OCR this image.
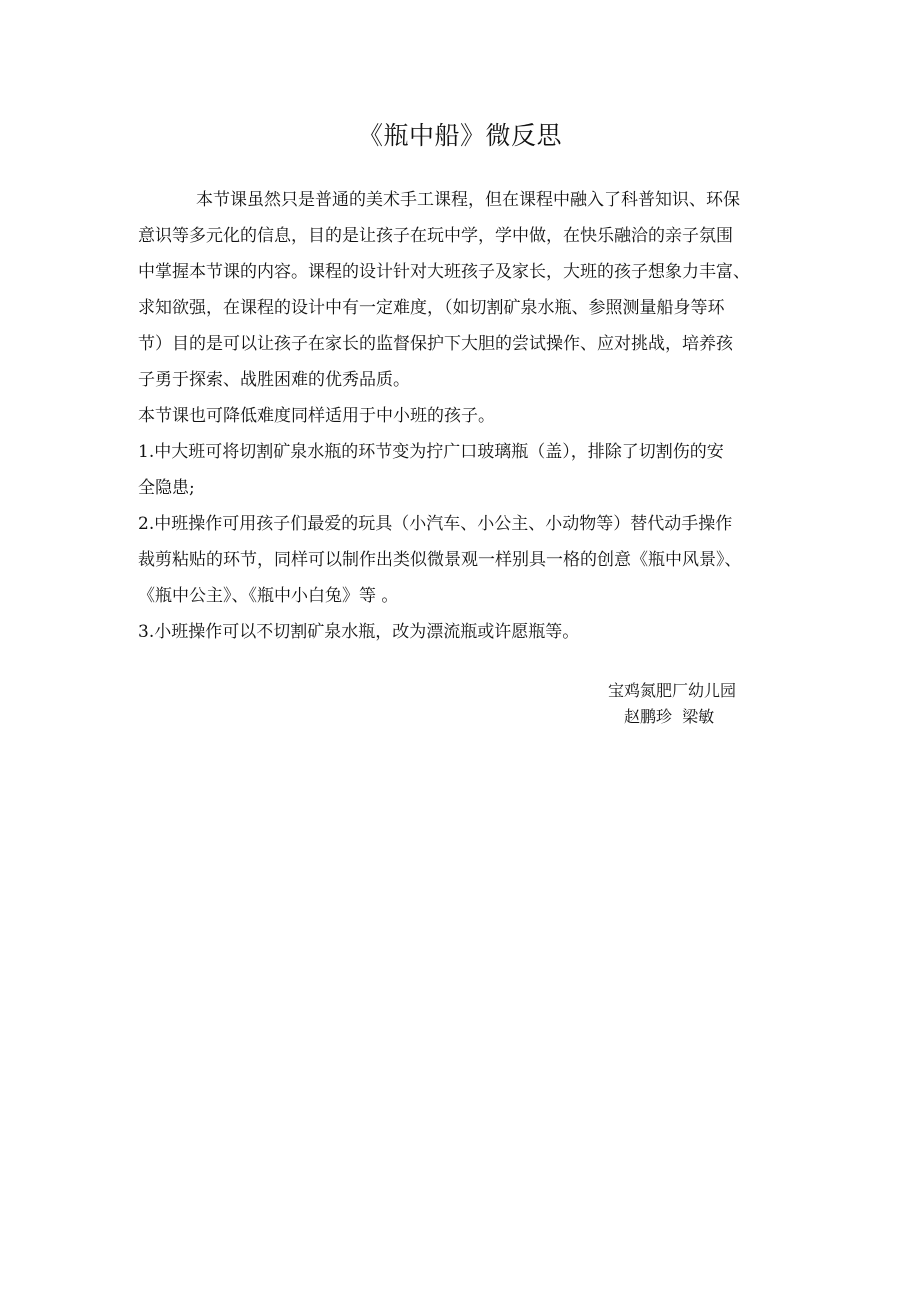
《瓶中船》微反思
本节课虽然只是普通的美术手工课程，但在课程中融入了科普知识、环保
意识等多元化的信息，目的是让孩子在玩中学，学中做，在快乐融洽的亲子氛围
中掌握本节课的内容。课程的设计针对大班孩子及家长，大班的孩子想象力丰富、
求知欲强，在课程的设计中有一定难度，（如切割矿泉水瓶、参照测量船身等环
节）目的是可以让孩子在家长的监督保护下大胆的尝试操作、应对挑战，培养孩
子勇于探索、战胜困难的优秀品质。
本节课也可降低难度同样适用于中小班的孩子。
1.中大班可将切割矿泉水瓶的环节变为拧广口玻璃瓶（盖），排除了切割伤的安
全隐患;
2.中班操作可用孩子们最爱的玩具（小汽车、小公主、小动物等）替代动手操作
裁剪粘贴的环节，同样可以制作出类似微景观一样别具一格的创意《瓶中风景》、
《瓶中公主》、《瓶中小白兔》等 。
3.小班操作可以不切割矿泉水瓶，改为漂流瓶或许愿瓶等。
宝鸡氮肥厂幼儿园
赵鹏珍  梁敏
